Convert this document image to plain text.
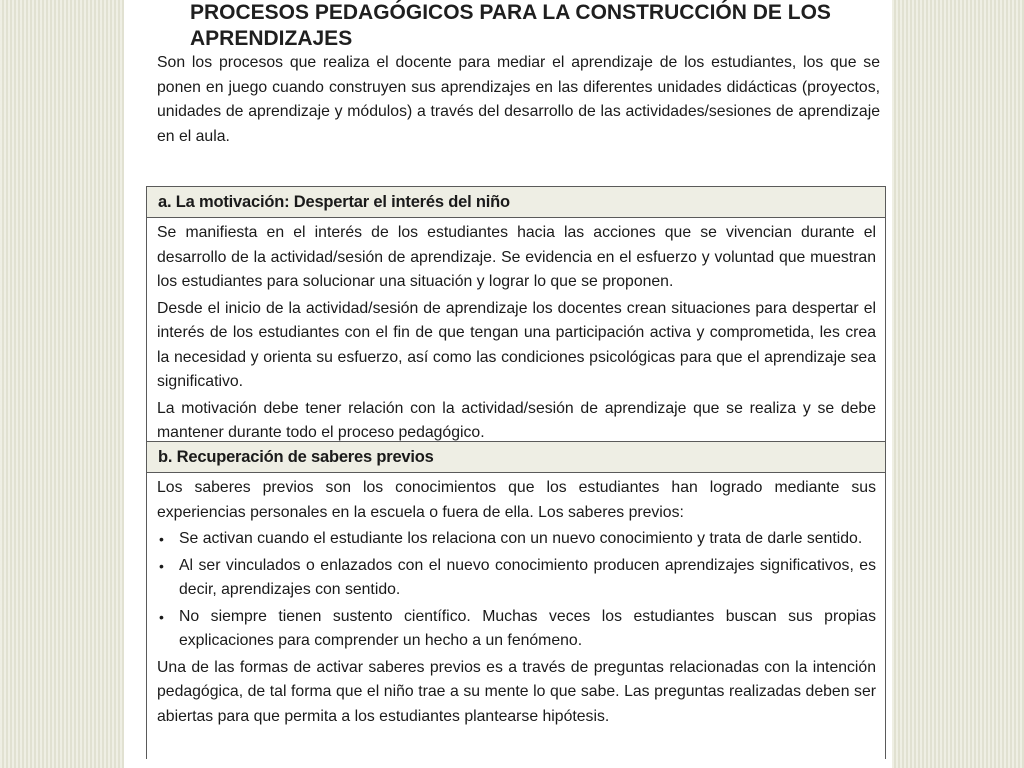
PROCESOS PEDAGÓGICOS PARA LA CONSTRUCCIÓN DE LOS
APRENDIZAJES

Son los procesos que realiza el docente para mediar el aprendizaje de los estudiantes, los que se ponen en juego cuando construyen sus aprendizajes en las diferentes unidades didácticas (proyectos, unidades de aprendizaje y módulos) a través del desarrollo de las actividades/sesiones de aprendizaje en el aula.

a. La motivación: Despertar el interés del niño

Se manifiesta en el interés de los estudiantes hacia las acciones que se vivencian durante el desarrollo de la actividad/sesión de aprendizaje. Se evidencia en el esfuerzo y voluntad que muestran los estudiantes para solucionar una situación y lograr lo que se proponen.

Desde el inicio de la actividad/sesión de aprendizaje los docentes crean situaciones para despertar el interés de los estudiantes con el fin de que tengan una participación activa y comprometida, les crea la necesidad y orienta su esfuerzo, así como las condiciones psicológicas para que el aprendizaje sea significativo.

La motivación debe tener relación con la actividad/sesión de aprendizaje que se realiza y se debe mantener durante todo el proceso pedagógico.

b. Recuperación de saberes previos

Los saberes previos son los conocimientos que los estudiantes han logrado mediante sus experiencias personales en la escuela o fuera de ella. Los saberes previos:

• Se activan cuando el estudiante los relaciona con un nuevo conocimiento y trata de darle sentido.
• Al ser vinculados o enlazados con el nuevo conocimiento producen aprendizajes significativos, es decir, aprendizajes con sentido.
• No siempre tienen sustento científico. Muchas veces los estudiantes buscan sus propias explicaciones para comprender un hecho a un fenómeno.

Una de las formas de activar saberes previos es a través de preguntas relacionadas con la intención pedagógica, de tal forma que el niño trae a su mente lo que sabe. Las preguntas realizadas deben ser abiertas para que permita a los estudiantes plantearse hipótesis.
